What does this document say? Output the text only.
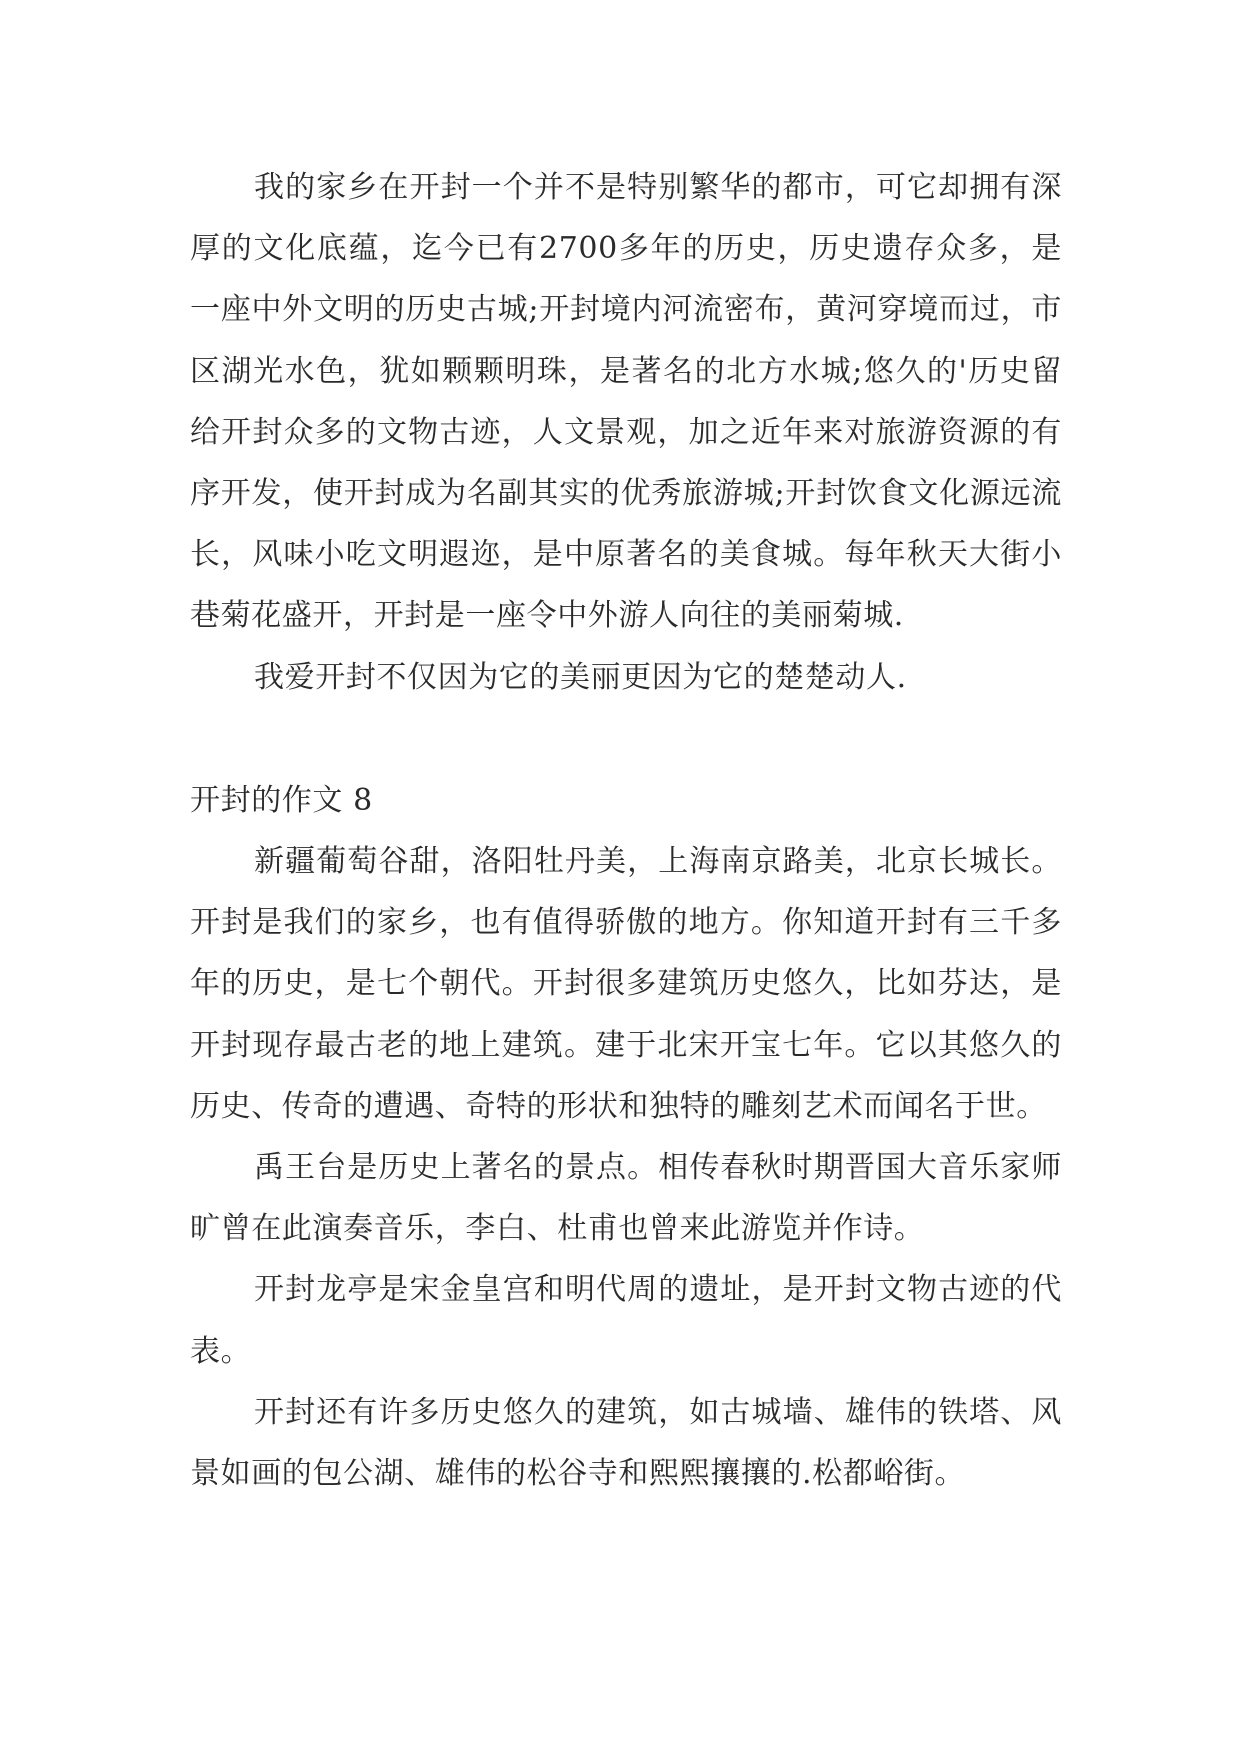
我的家乡在开封一个并不是特别繁华的都市，可它却拥有深厚的文化底蕴，迄今已有2700多年的历史，历史遗存众多，是一座中外文明的历史古城;开封境内河流密布，黄河穿境而过，市区湖光水色，犹如颗颗明珠，是著名的北方水城;悠久的'历史留给开封众多的文物古迹，人文景观，加之近年来对旅游资源的有序开发，使开封成为名副其实的优秀旅游城;开封饮食文化源远流长，风味小吃文明遐迩，是中原著名的美食城。每年秋天大街小巷菊花盛开，开封是一座令中外游人向往的美丽菊城.

我爱开封不仅因为它的美丽更因为它的楚楚动人.

开封的作文 8

新疆葡萄谷甜，洛阳牡丹美，上海南京路美，北京长城长。开封是我们的家乡，也有值得骄傲的地方。你知道开封有三千多年的历史，是七个朝代。开封很多建筑历史悠久，比如芬达，是开封现存最古老的地上建筑。建于北宋开宝七年。它以其悠久的历史、传奇的遭遇、奇特的形状和独特的雕刻艺术而闻名于世。

禹王台是历史上著名的景点。相传春秋时期晋国大音乐家师旷曾在此演奏音乐，李白、杜甫也曾来此游览并作诗。

开封龙亭是宋金皇宫和明代周的遗址，是开封文物古迹的代表。

开封还有许多历史悠久的建筑，如古城墙、雄伟的铁塔、风景如画的包公湖、雄伟的松谷寺和熙熙攘攘的.松都峪街。
